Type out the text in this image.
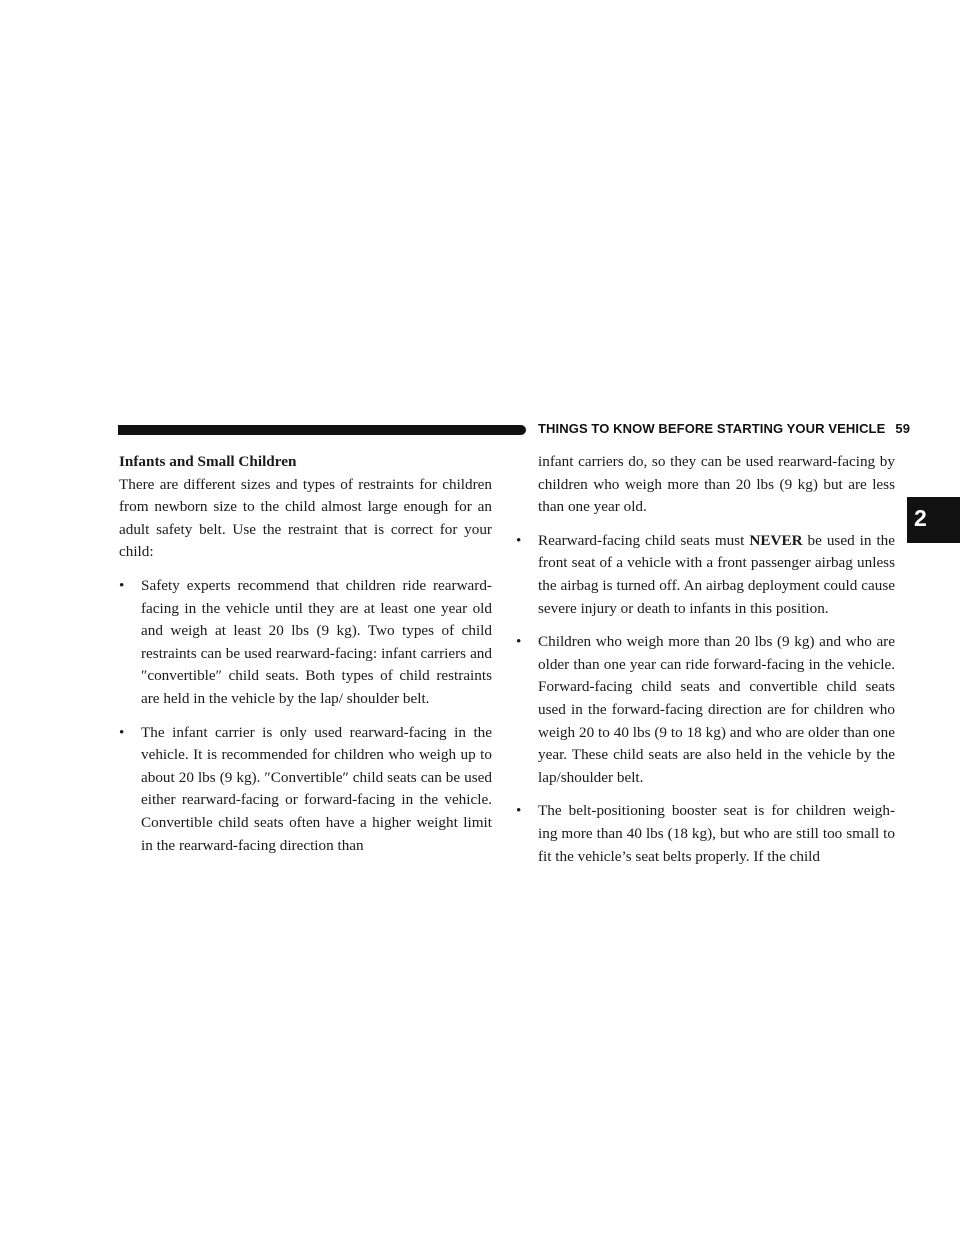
THINGS TO KNOW BEFORE STARTING YOUR VEHICLE 59
2
Infants and Small Children

There are different sizes and types of restraints for children from newborn size to the child almost large enough for an adult safety belt. Use the restraint that is correct for your child:

• Safety experts recommend that children ride rearward-facing in the vehicle until they are at least one year old and weigh at least 20 lbs (9 kg). Two types of child restraints can be used rearward-facing: infant carriers and ″convertible″ child seats. Both types of child restraints are held in the vehicle by the lap/ shoulder belt.
• The infant carrier is only used rearward-facing in the vehicle. It is recommended for children who weigh up to about 20 lbs (9 kg). ″Convertible″ child seats can be used either rearward-facing or forward-facing in the vehicle. Convertible child seats often have a higher weight limit in the rearward-facing direction than
infant carriers do, so they can be used rearward-facing by children who weigh more than 20 lbs (9 kg) but are less than one year old.
• Rearward-facing child seats must NEVER be used in the front seat of a vehicle with a front passenger airbag unless the airbag is turned off. An airbag deployment could cause severe injury or death to infants in this position.
• Children who weigh more than 20 lbs (9 kg) and who are older than one year can ride forward-facing in the vehicle. Forward-facing child seats and convertible child seats used in the forward-facing direction are for children who weigh 20 to 40 lbs (9 to 18 kg) and who are older than one year. These child seats are also held in the vehicle by the lap/shoulder belt.
• The belt-positioning booster seat is for children weigh- ing more than 40 lbs (18 kg), but who are still too small to fit the vehicle’s seat belts properly. If the child
